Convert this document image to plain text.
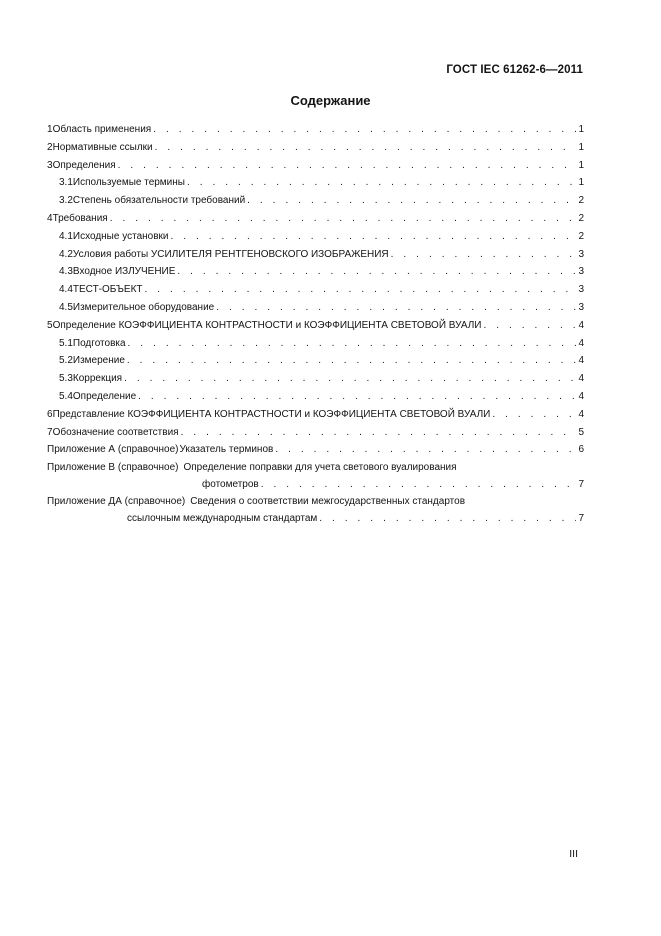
ГОСТ IEC 61262-6—2011
Содержание
1 Область применения . . .	1
2 Нормативные ссылки . . .	1
3 Определения . . .	1
3.1 Используемые термины . . .	1
3.2 Степень обязательности требований . . .	2
4 Требования . . .	2
4.1 Исходные установки . . .	2
4.2 Условия работы УСИЛИТЕЛЯ РЕНТГЕНОВСКОГО ИЗОБРАЖЕНИЯ . . .	3
4.3 Входное ИЗЛУЧЕНИЕ . . .	3
4.4 ТЕСТ-ОБЪЕКТ . . .	3
4.5 Измерительное оборудование . . .	3
5 Определение КОЭФФИЦИЕНТА КОНТРАСТНОСТИ и КОЭФФИЦИЕНТА СВЕТОВОЙ ВУАЛИ . . .	4
5.1 Подготовка . . .	4
5.2 Измерение . . .	4
5.3 Коррекция . . .	4
5.4 Определение . . .	4
6 Представление КОЭФФИЦИЕНТА КОНТРАСТНОСТИ и КОЭФФИЦИЕНТА СВЕТОВОЙ ВУАЛИ . . .	4
7 Обозначение соответствия . . .	5
Приложение А (справочное) Указатель терминов . . .	6
Приложение В (справочное) Определение поправки для учета светового вуалирования
фотометров . . .	7
Приложение ДА (справочное) Сведения о соответствии межгосударственных стандартов
ссылочным международным стандартам . . .	7
III
